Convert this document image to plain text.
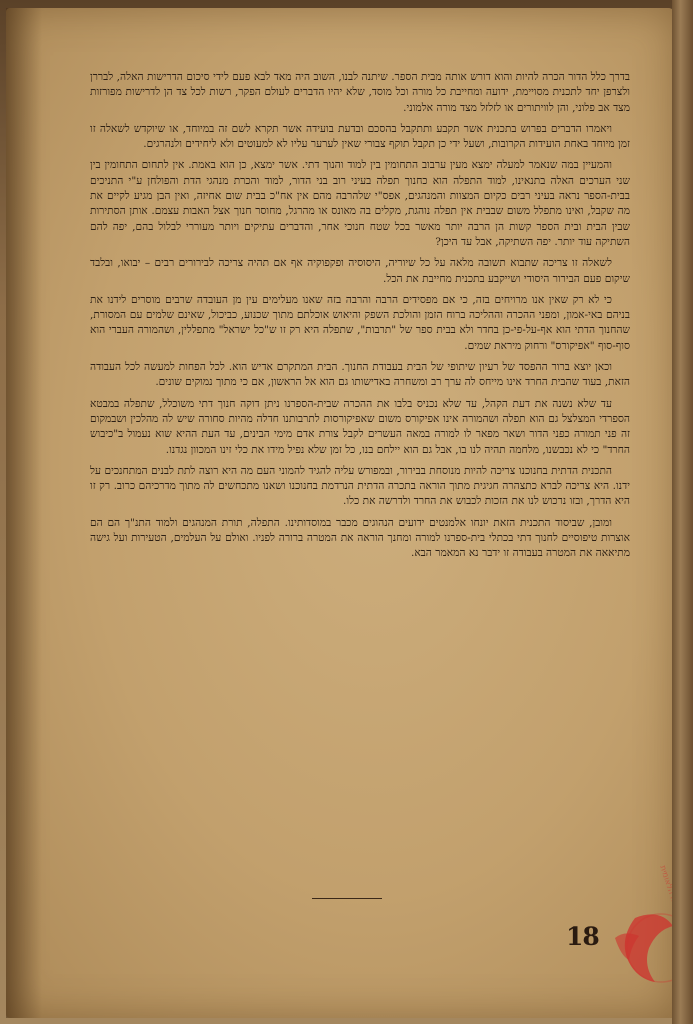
בדרך כלל הדור הכרה להיות והוא דורש אותה מבית הספר. שיתנה לבנו, השוב היה מאד לבא פעם לידי סיכום הדרישות האלה, לבררן ולצרפן יחד לתכנית מסויימת, ידועה ומחייבת כל מורה וכל מוסד, שלא יהיו הדברים לעולם הפקר, רשות לכל צד הן לדרישות מפורזות מצד אב פלוני, והן לוויתורים או לזלזל מצד מורה אלמוני.

ויאמרו הדברים בפרוש בתכנית אשר תקבע ותתקבל בהסכם ובדעת בועידה אשר תקרא לשם זה במיוחד, או שיוקדש לשאלה זו זמן מיוחד באחת הועידות הקרובות, ושעל ידי כן תקבל תוקף צבורי שאין לערער עליו לא למעוטים ולא ליחידים ולנהרגים.

והמעיין במה שנאמר למעלה ימצא מעין ערבוב התחומין בין למוד והנוך דתי. אשר ימצא, כן הוא באמת. אין לתחום התחומין בין שני הערכים האלה בתנאינו, למוד התפלה הוא כחנוך תפלה בעיני רוב בני הדור, למוד והכרת מנהגי הדת והפולחן ע"י התניכים בבית-הספר נראה בעיני רבים כקיום המצוות והמנהגים, אפס"י שלהרבה מהם אין אח"כ בבית שום אחיזה, ואין הבן מגיע לקיים את מה שקבל, ואינו מתפלל משום שבבית אין תפלה נוהגת, מקלים בה מאונס או מהרגל, מחוסר חנוך אצל האבות עצמם. אותן הסתירות שבין הבית ובית הספר קשות הן הרבה יותר מאשר בכל שטח חנוכי אחר, והדברים עתיקים ויותר מעוררי לבלול בהם, יפה להם השתיקה עוד יותר. יפה השתיקה, אבל עד היכן?

לשאלה זו צריכה שתבוא תשובה מלאה על כל שיוריה, היסוסיה ופקפוקיה אף אם תהיה צריכה לבירורים רבים – יבואו, ובלבד שיקום פעם הבירור היסודי ושייקבע בתכנית מחייבת את הכל.

כי לא רק שאין אנו מרויחים בזה, כי אם מפסידים הרבה והרבה בזה שאנו מעלימים עין מן העובדה שרבים מוסרים לידנו את בניהם באי-אמון, ומפני ההכרה וההליכה ברוח הזמן והולכת השפק והיאוש אוכלתם מתוך שכנוע, כביכול, שאינם שלמים עם המסורת, שהחנוך הדתי הוא אף-על-פי-כן בחדר ולא בבית ספר של "תרבות", שתפלה היא רק זו ש"כל ישראל" מתפללין, ושהמורה העברי הוא סוף-סוף "אפיקורס" ורחוק מיראת שמים.

וכאן יוצא ברור ההפסד של רעיון שיתופי של הבית בעבודת החנוך. הבית המתקרם אדיש הוא. לכל הפחות למעשה לכל העבודה הזאת, בעוד שהבית החרד אינו מייחס לה ערך רב ומשחרה באדישותו גם הוא אל הראשון, אם כי מתוך נמוקים שונים.

עד שלא נשנה את דעת הקהל, עד שלא נכניס בלבו את ההכרה שבית-הספרנו ניתן דוקה חנוך דתי משוכלל, שתפלה במבטא הספרדי המצלצל גם הוא תפלה ושהמורה אינו אפיקורס משום שאפיקורסות לתרבותנו חדלה מהיות סחורה שיש לה מהלכין ושבמקום זה פני תמורה כפני הדור ושאר מפאר לו למורה במאה העשרים לקבל צורת אדם מימי הבינים, עד העת ההיא שוא נעמול ב"כיבוש החרד" כי לא נכבשנו, מלחמה תהיה לנו בו, אבל גם הוא יילחם בנו, כל זמן שלא נפיל מידו את כלי זינו המכוון נגדנו.

התכנית הדתית בחנוכנו צריכה להיות מנוסחת בבירור, ובמפורש עליה להגיד להמוני העם מה היא רוצה לתת לבנים המתחנכים על ידנו. היא צריכה לברא כתצהרה חגיגית מתוך הוראה בתכרה הדתית הנרדמת בחנוכנו ושאנו מתכחשים לה מתוך מדרכיהם כרוב. רק זו היא הדרך, ובזו נרכוש לנו את הזכות לכבוש את החרד ולדרשה את כלו.

ומובן, שביסוד התכנית הזאת יונחו אלמנטים ידועים הנהוגים מכבר במוסדותינו. התפלה, תורת המנהגים ולמוד התנ"ך הם הם אוצרות טיפוסיים לחנוך דתי בכתלי בית-ספרנו למורה ומחנך הוראה את המטרה ברורה לפניו. ואולם על העלמים, הטעירות ועל גישה מתיאאה את המטרה בעבודה זו ידבר נא המאמר הבא.

18
